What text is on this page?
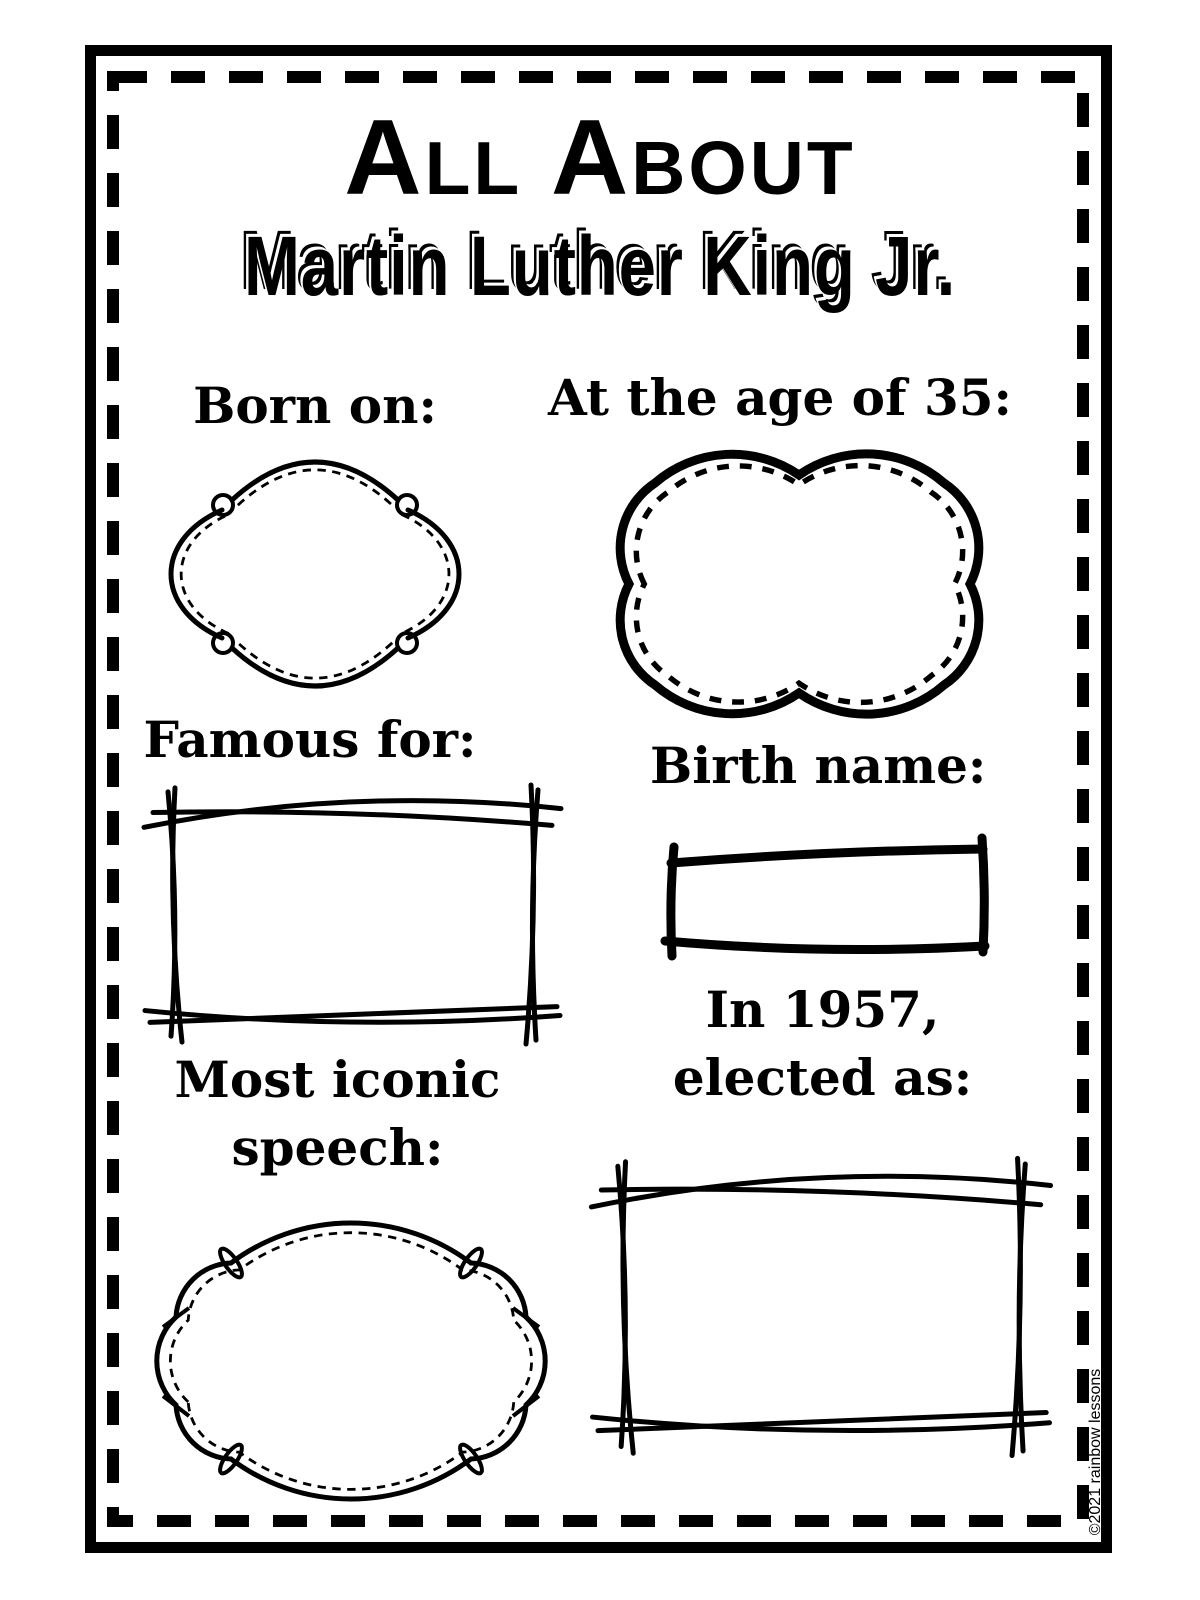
All About
Martin Luther King Jr.
Born on:	At the age of 35:
Famous for:	Birth name:
In 1957,
elected as:
Most iconic
speech:
©2021 rainbow lessons
